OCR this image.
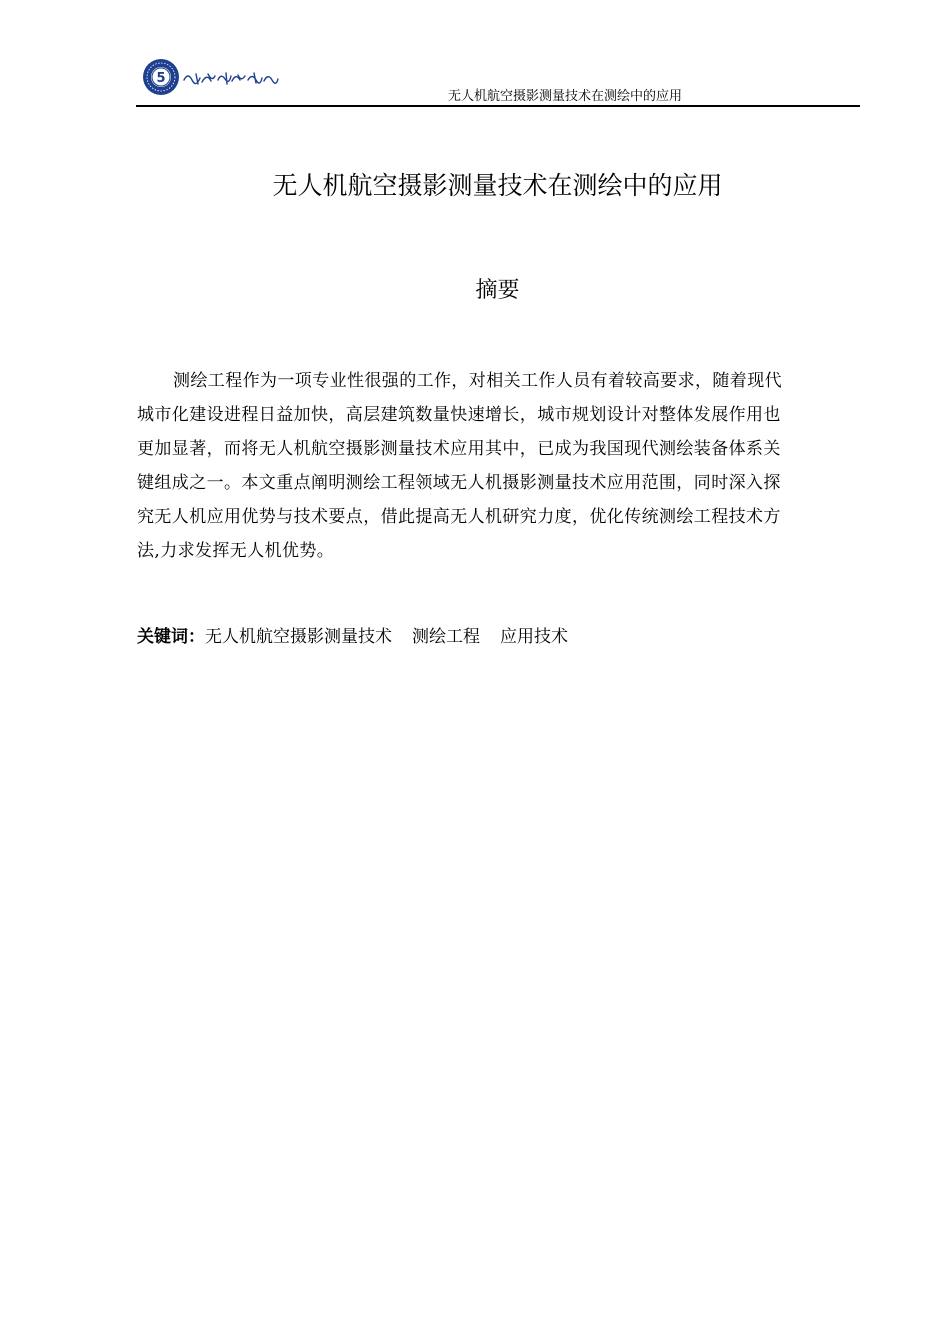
5
无人机航空摄影测量技术在测绘中的应用
无人机航空摄影测量技术在测绘中的应用
摘要
测绘工程作为一项专业性很强的工作，对相关工作人员有着较高要求，随着现代
城市化建设进程日益加快，高层建筑数量快速增长，城市规划设计对整体发展作用也
更加显著，而将无人机航空摄影测量技术应用其中，已成为我国现代测绘装备体系关
键组成之一。本文重点阐明测绘工程领域无人机摄影测量技术应用范围，同时深入探
究无人机应用优势与技术要点，借此提高无人机研究力度，优化传统测绘工程技术方
法,力求发挥无人机优势。
关键词：无人机航空摄影测量技术 测绘工程 应用技术
